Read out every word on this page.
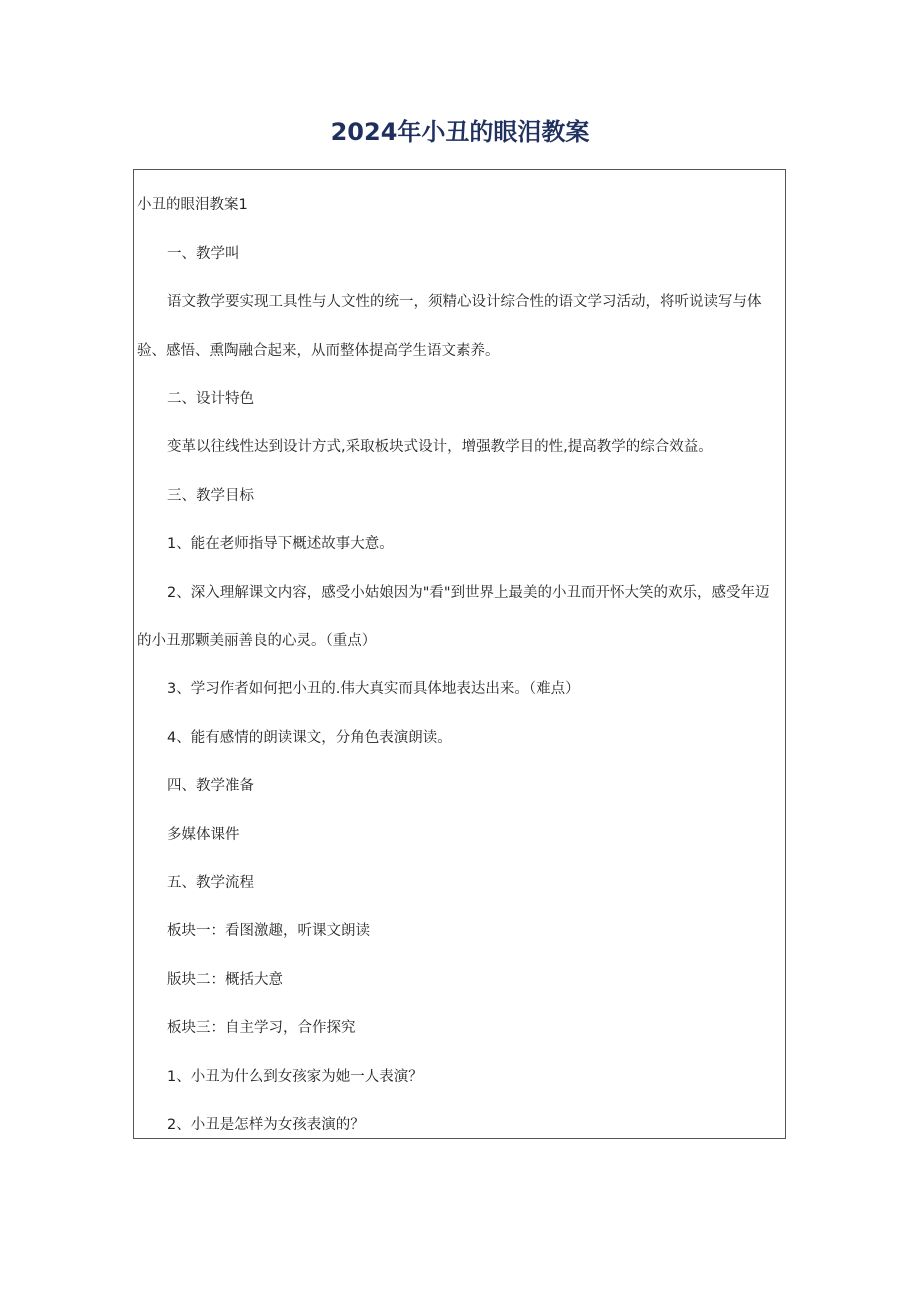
2024年小丑的眼泪教案
小丑的眼泪教案1
一、教学叫
语文教学要实现工具性与人文性的统一，须精心设计综合性的语文学习活动，将听说读写与体
验、感悟、熏陶融合起来，从而整体提高学生语文素养。
二、设计特色
变革以往线性达到设计方式,采取板块式设计，增强教学目的性,提高教学的综合效益。
三、教学目标
1、能在老师指导下概述故事大意。
2、深入理解课文内容，感受小姑娘因为"看"到世界上最美的小丑而开怀大笑的欢乐，感受年迈
的小丑那颗美丽善良的心灵。（重点）
3、学习作者如何把小丑的.伟大真实而具体地表达出来。（难点）
4、能有感情的朗读课文，分角色表演朗读。
四、教学准备
多媒体课件
五、教学流程
板块一：看图激趣，听课文朗读
版块二：概括大意
板块三：自主学习，合作探究
1、小丑为什么到女孩家为她一人表演？
2、小丑是怎样为女孩表演的？
